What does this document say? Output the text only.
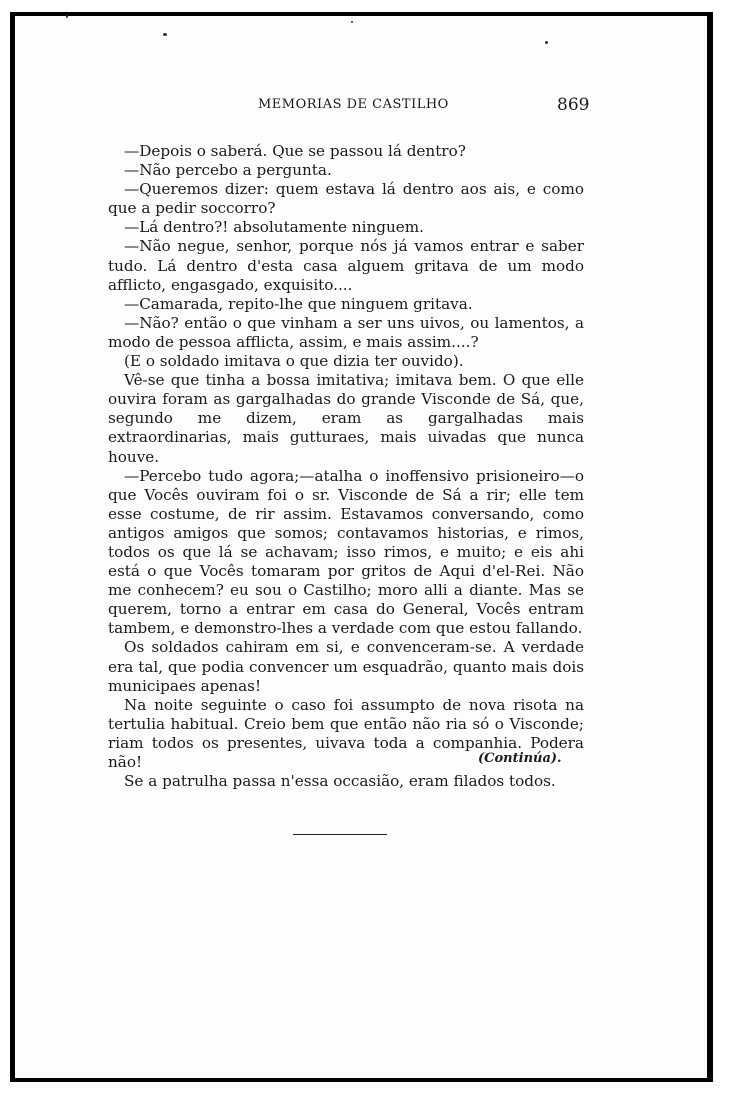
MEMORIAS DE CASTILHO	869

—Depois o saberá. Que se passou lá dentro?

—Não percebo a pergunta.

—Queremos dizer: quem estava lá dentro aos ais, e como que a pedir soccorro?

—Lá dentro?! absolutamente ninguem.

—Não negue, senhor, porque nós já vamos entrar e saber tudo. Lá dentro d'esta casa alguem gritava de um modo afflicto, engasgado, exquisito....

—Camarada, repito-lhe que ninguem gritava.

—Não? então o que vinham a ser uns uivos, ou lamentos, a modo de pessoa afflicta, assim, e mais assim....?

(E o soldado imitava o que dizia ter ouvido).

Vê-se que tinha a bossa imitativa; imitava bem. O que elle ouvira foram as gargalhadas do grande Visconde de Sá, que, segundo me dizem, eram as gargalhadas mais extraordinarias, mais gutturaes, mais uivadas que nunca houve.

—Percebo tudo agora;—atalha o inoffensivo prisioneiro—o que Vocês ouviram foi o sr. Visconde de Sá a rir; elle tem esse costume, de rir assim. Estavamos conversando, como antigos amigos que somos; contavamos historias, e rimos, todos os que lá se achavam; isso rimos, e muito; e eis ahi está o que Vocês tomaram por gritos de Aqui d'el-Rei. Não me conhecem? eu sou o Castilho; moro alli a diante. Mas se querem, torno a entrar em casa do General, Vocês entram tambem, e demonstro-lhes a verdade com que estou fallando.

Os soldados cahiram em si, e convenceram-se. A verdade era tal, que podia convencer um esquadrão, quanto mais dois municipaes apenas!

Na noite seguinte o caso foi assumpto de nova risota na tertulia habitual. Creio bem que então não ria só o Visconde; riam todos os presentes, uivava toda a companhia. Podera não!

Se a patrulha passa n'essa occasião, eram filados todos.

(Continúa).
